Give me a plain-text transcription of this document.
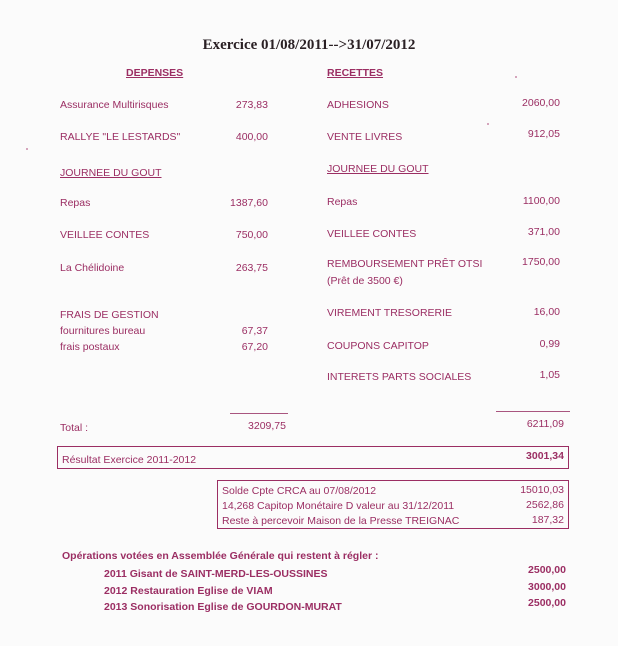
Exercice 01/08/2011-->31/07/2012
DEPENSES	RECETTES
Assurance Multirisques	273,83
RALLYE "LE LESTARDS"	400,00
JOURNEE DU GOUT
Repas	1387,60
VEILLEE CONTES	750,00
La Chélidoine	263,75
FRAIS DE GESTION
fournitures bureau	67,37
frais postaux	67,20
ADHESIONS	2060,00
VENTE LIVRES	912,05
JOURNEE DU GOUT
Repas	1100,00
VEILLEE CONTES	371,00
REMBOURSEMENT PRÊT OTSI
(Prêt de 3500 €)
1750,00
VIREMENT TRESORERIE	16,00
COUPONS CAPITOP	0,99
INTERETS PARTS SOCIALES	1,05
Total :	3209,75	6211,09
Résultat Exercice 2011-2012	3001,34
Solde Cpte CRCA au 07/08/2012	15010,03
14,268 Capitop Monétaire D valeur au 31/12/2011	2562,86
Reste à percevoir Maison de la Presse TREIGNAC	187,32
Opérations votées en Assemblée Générale qui restent à régler :
2011 Gisant de SAINT-MERD-LES-OUSSINES	2500,00
2012 Restauration Eglise de VIAM	3000,00
2013 Sonorisation Eglise de GOURDON-MURAT	2500,00
